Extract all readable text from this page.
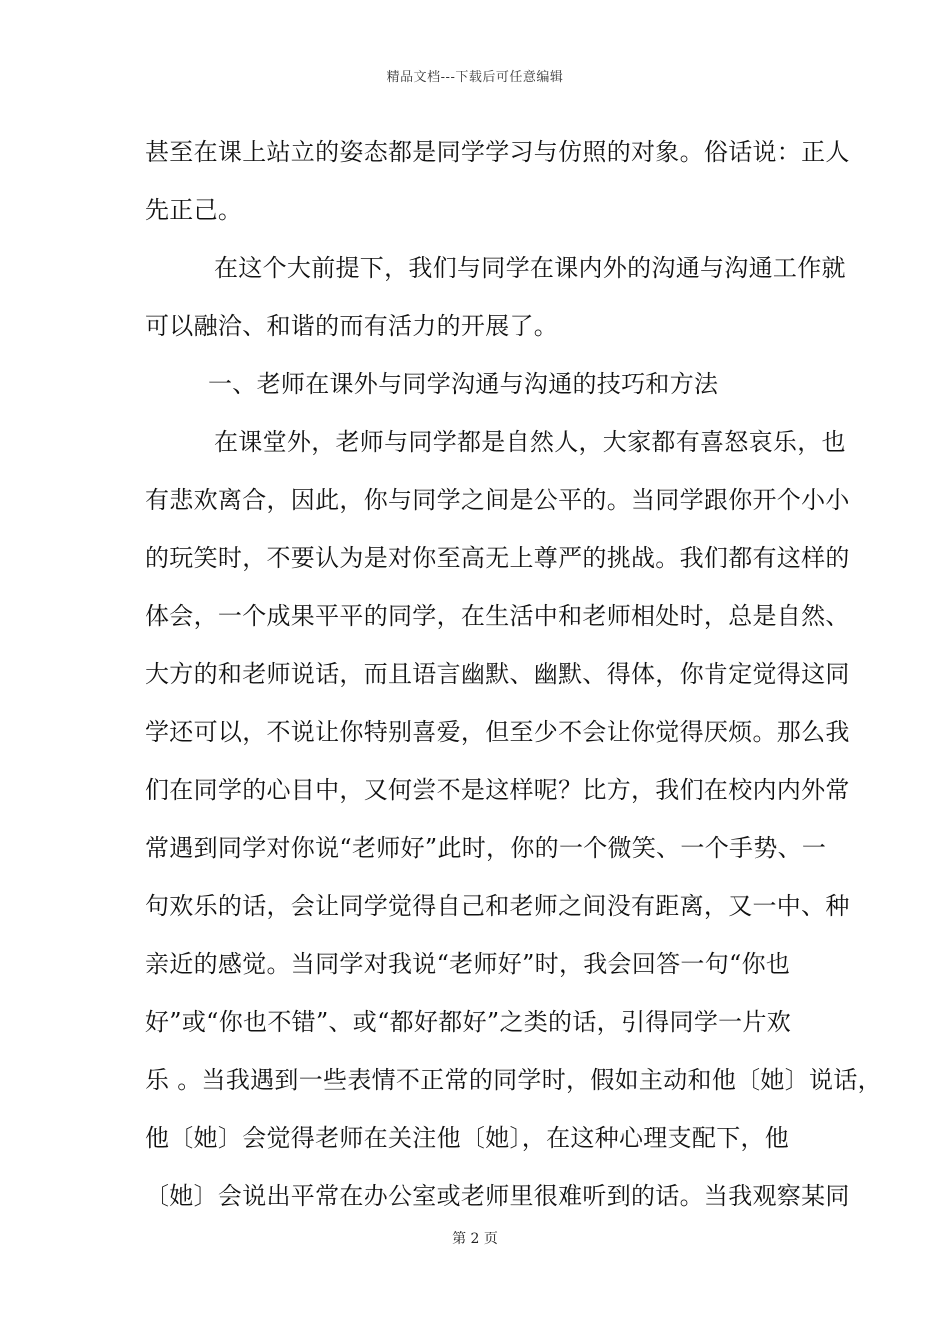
精品文档---下载后可任意编辑
甚至在课上站立的姿态都是同学学习与仿照的对象。俗话说：正人
先正己。
在这个大前提下，我们与同学在课内外的沟通与沟通工作就
可以融洽、和谐的而有活力的开展了。
一、老师在课外与同学沟通与沟通的技巧和方法
在课堂外，老师与同学都是自然人，大家都有喜怒哀乐，也
有悲欢离合，因此，你与同学之间是公平的。当同学跟你开个小小
的玩笑时，不要认为是对你至高无上尊严的挑战。我们都有这样的
体会，一个成果平平的同学，在生活中和老师相处时，总是自然、
大方的和老师说话，而且语言幽默、幽默、得体，你肯定觉得这同
学还可以，不说让你特别喜爱，但至少不会让你觉得厌烦。那么我
们在同学的心目中，又何尝不是这样呢？比方，我们在校内内外常
常遇到同学对你说“老师好”此时，你的一个微笑、一个手势、一
句欢乐的话，会让同学觉得自己和老师之间没有距离，又一中、种
亲近的感觉。当同学对我说“老师好”时，我会回答一句“你也
好”或“你也不错”、或“都好都好”之类的话，引得同学一片欢
乐 。当我遇到一些表情不正常的同学时，假如主动和他〔她〕说话，
他〔她〕会觉得老师在关注他〔她〕，在这种心理支配下，他
〔她〕会说出平常在办公室或老师里很难听到的话。当我观察某同
第 2 页
